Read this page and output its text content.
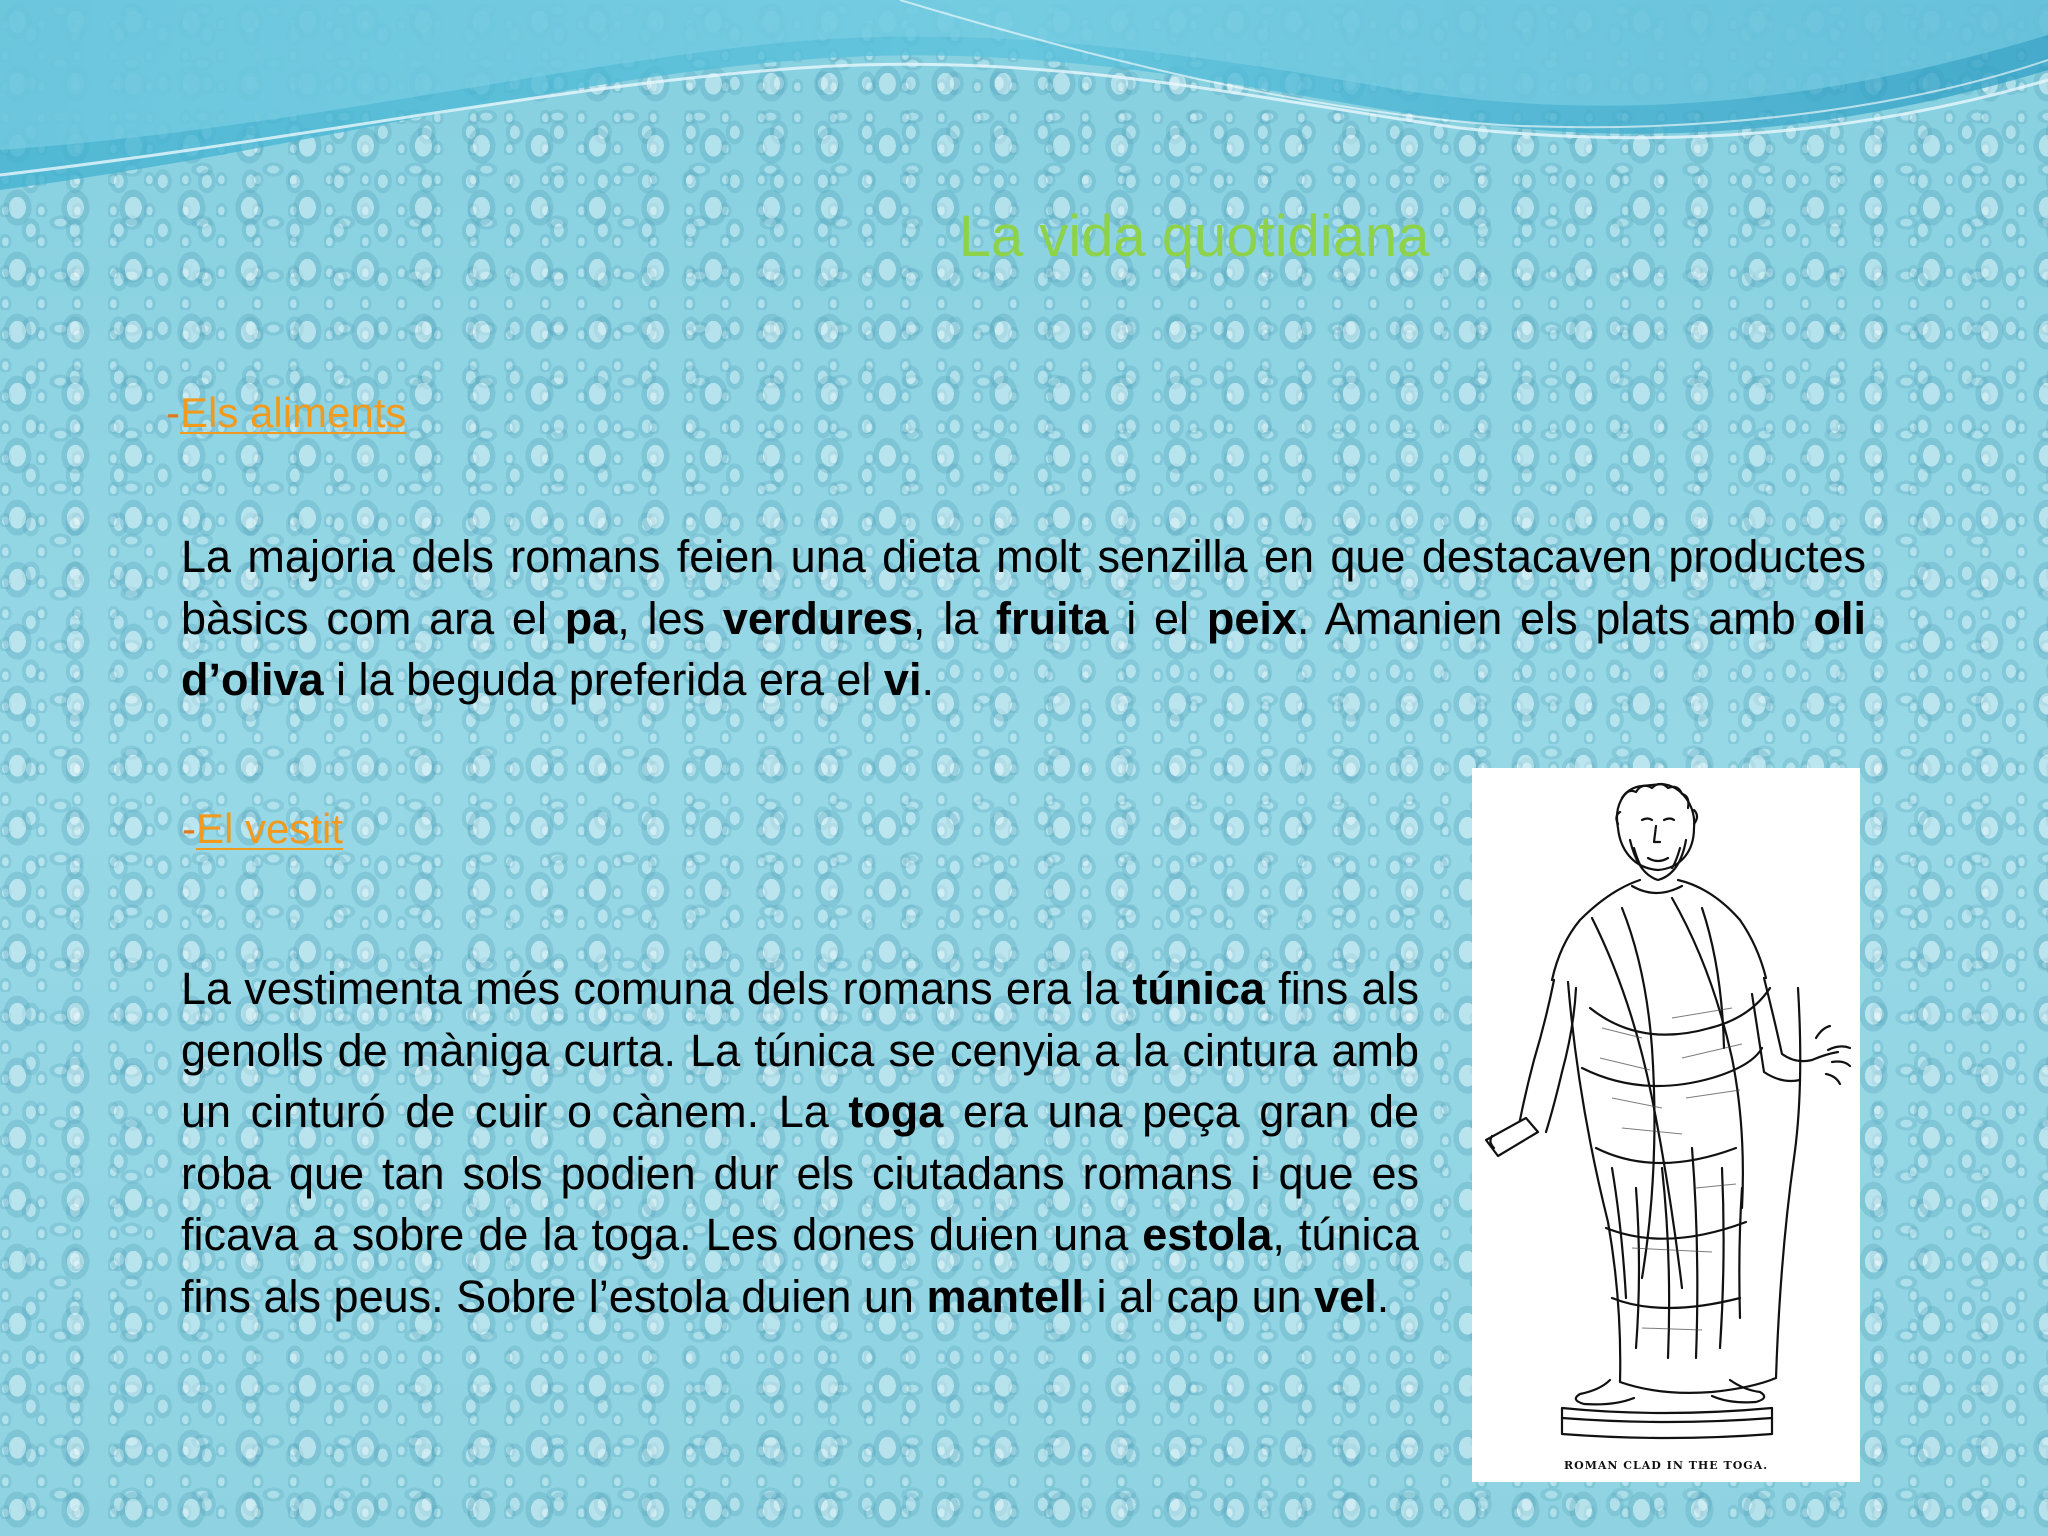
La vida quotidiana
-Els aliments
La majoria dels romans feien una dieta molt senzilla en que destacaven productes bàsics com ara el pa, les verdures, la fruita i el peix. Amanien els plats amb oli d’oliva i la beguda preferida era el vi.
-El vestit
La vestimenta més comuna dels romans era la túnica fins als genolls de màniga curta. La túnica se cenyia a la cintura amb un cinturó de cuir o cànem. La toga era una peça gran de roba que tan sols podien dur els ciutadans romans i que es ficava a sobre de la toga. Les dones duien una estola, túnica fins als peus. Sobre l’estola duien un mantell i al cap un vel.
ROMAN CLAD IN THE TOGA.
